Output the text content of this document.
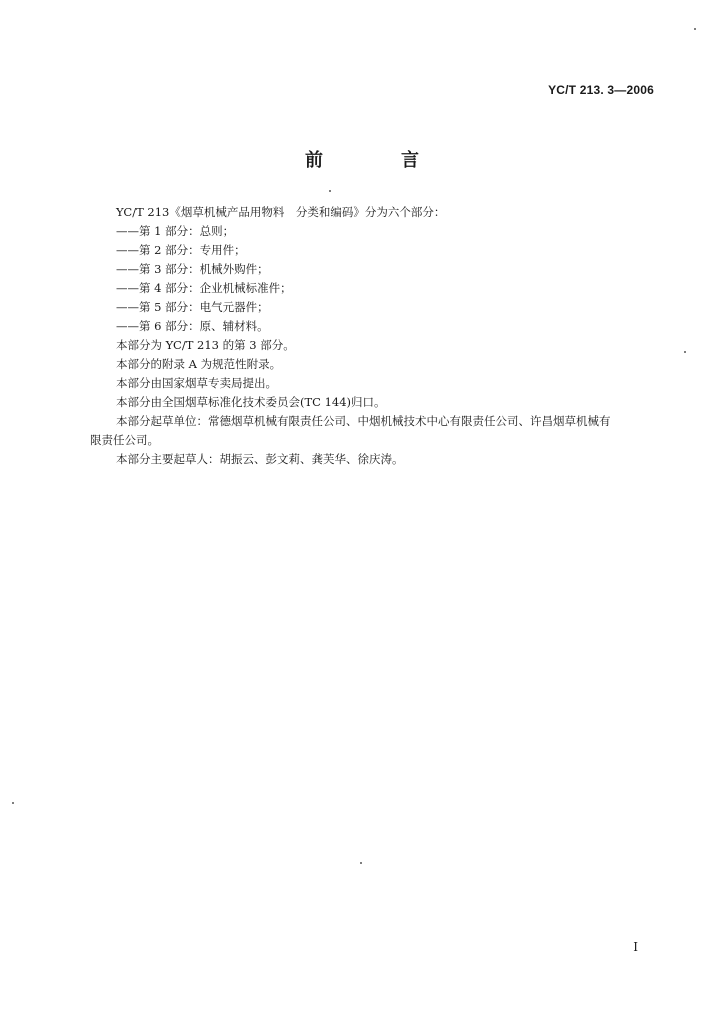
YC/T 213. 3—2006
前　言

YC/T 213《烟草机械产品用物料　分类和编码》分为六个部分：

——第 1 部分：总则；

——第 2 部分：专用件；

——第 3 部分：机械外购件；

——第 4 部分：企业机械标准件；

——第 5 部分：电气元器件；

——第 6 部分：原、辅材料。

本部分为 YC/T 213 的第 3 部分。

本部分的附录 A 为规范性附录。

本部分由国家烟草专卖局提出。

本部分由全国烟草标准化技术委员会(TC 144)归口。

本部分起草单位：常德烟草机械有限责任公司、中烟机械技术中心有限责任公司、许昌烟草机械有

限责任公司。

本部分主要起草人：胡振云、彭文莉、龚芙华、徐庆涛。

I
